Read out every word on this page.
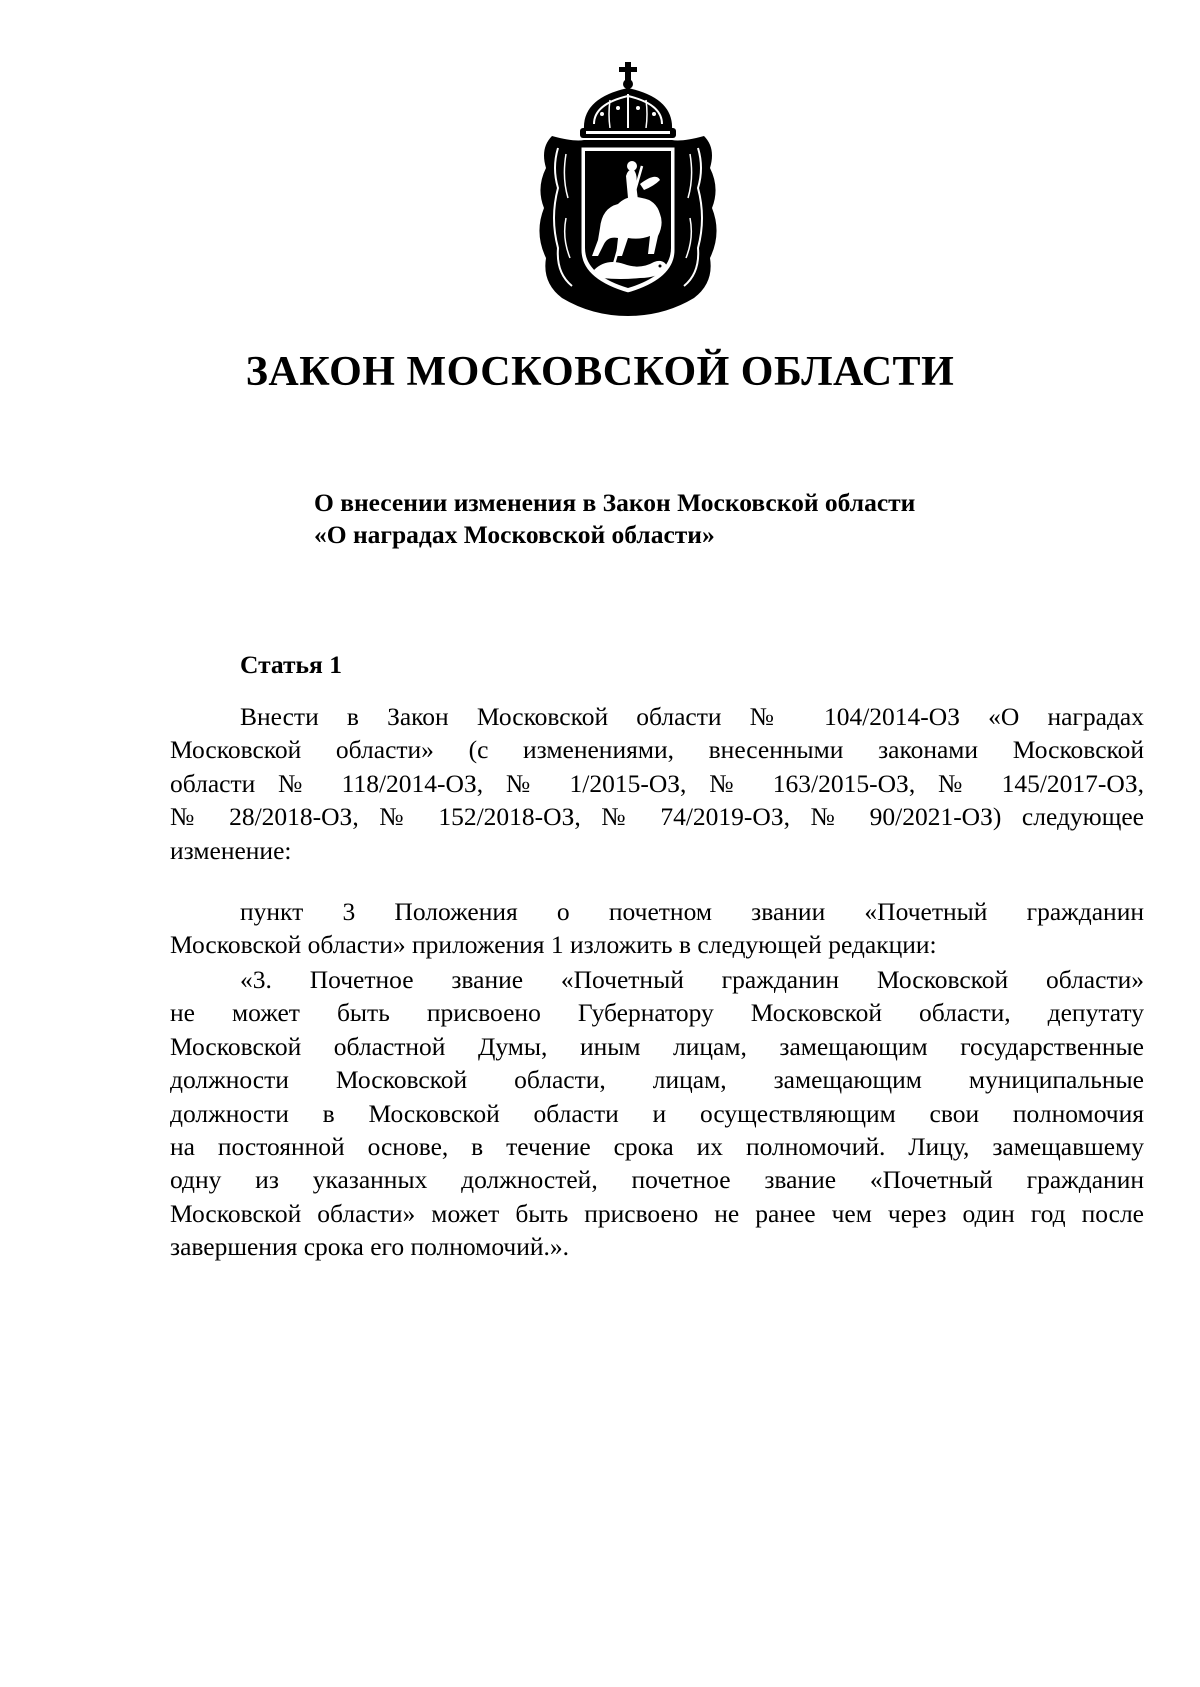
ЗАКОН МОСКОВСКОЙ ОБЛАСТИ
О внесении изменения в Закон Московской области
«О наградах Московской области»
Статья 1
Внести в Закон Московской области № 104/2014-ОЗ «О наградах
Московской области» (с изменениями, внесенными законами Московской
области № 118/2014-ОЗ, № 1/2015-ОЗ, № 163/2015-ОЗ, № 145/2017-ОЗ,
№ 28/2018-ОЗ, № 152/2018-ОЗ, № 74/2019-ОЗ, № 90/2021-ОЗ) следующее
изменение:
пункт 3 Положения о почетном звании «Почетный гражданин
Московской области» приложения 1 изложить в следующей редакции:
«3. Почетное звание «Почетный гражданин Московской области»
не может быть присвоено Губернатору Московской области, депутату
Московской областной Думы, иным лицам, замещающим государственные
должности Московской области, лицам, замещающим муниципальные
должности в Московской области и осуществляющим свои полномочия
на постоянной основе, в течение срока их полномочий. Лицу, замещавшему
одну из указанных должностей, почетное звание «Почетный гражданин
Московской области» может быть присвоено не ранее чем через один год после
завершения срока его полномочий.».
